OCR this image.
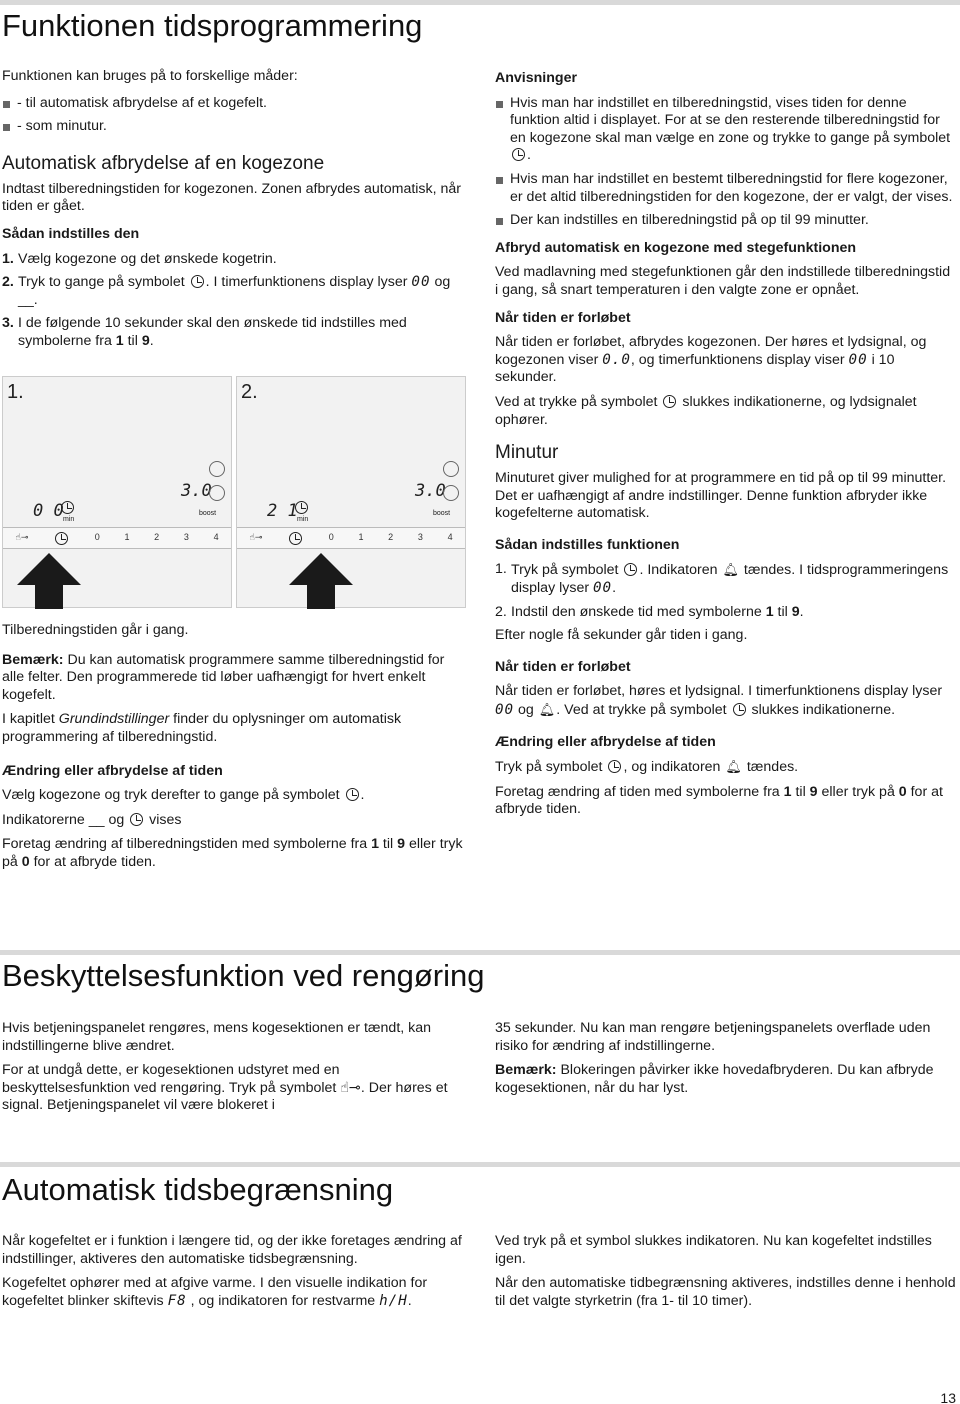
Funktionen tidsprogrammering

Funktionen kan bruges på to forskellige måder:

- til automatisk afbrydelse af et kogefelt.
- som minutur.
Automatisk afbrydelse af en kogezone

Indtast tilberedningstiden for kogezonen. Zonen afbrydes automatisk, når tiden er gået.

Sådan indstilles den
1. Vælg kogezone og det ønskede kogetrin.
2. Tryk to gange på symbolet . I timerfunktionens display lyser 00 og __.
3. I de følgende 10 sekunder skal den ønskede tid indstilles med symbolerne fra 1 til 9.
1.
3.0
0 0 min
boost
☝⊸	0	1	2	3	4
2.
3.0
2 1 min
boost
☝⊸	0	1	2	3	4

Tilberedningstiden går i gang.

Bemærk: Du kan automatisk programmere samme tilberedningstid for alle felter. Den programmerede tid løber uafhængigt for hvert enkelt kogefelt.

I kapitlet Grundindstillinger finder du oplysninger om automatisk programmering af tilberedningstid.

Ændring eller afbrydelse af tiden

Vælg kogezone og tryk derefter to gange på symbolet .

Indikatorerne __ og  vises

Foretag ændring af tilberedningstiden med symbolerne fra 1 til 9 eller tryk på 0 for at afbryde tiden.

Anvisninger
Hvis man har indstillet en tilberedningstid, vises tiden for denne funktion altid i displayet. For at se den resterende tilberedningstid for en kogezone skal man vælge en zone og trykke to gange på symbolet .
Hvis man har indstillet en bestemt tilberedningstid for flere kogezoner, er det altid tilberedningstiden for den kogezone, der er valgt, der vises.
Der kan indstilles en tilberedningstid på op til 99 minutter.
Afbryd automatisk en kogezone med stegefunktionen

Ved madlavning med stegefunktionen går den indstillede tilberedningstid i gang, så snart temperaturen i den valgte zone er opnået.

Når tiden er forløbet

Når tiden er forløbet, afbrydes kogezonen. Der høres et lydsignal, og kogezonen viser 0.0, og timerfunktionens display viser 00 i 10 sekunder.

Ved at trykke på symbolet  slukkes indikationerne, og lydsignalet ophører.

Minutur

Minuturet giver mulighed for at programmere en tid på op til 99 minutter. Det er uafhængigt af andre indstillinger. Denne funktion afbryder ikke kogefelterne automatisk.

Sådan indstilles funktionen
1. Tryk på symbolet . Indikatoren 🔔︎ tændes. I tidsprogrammeringens display lyser 00.
2. Indstil den ønskede tid med symbolerne 1 til 9.

Efter nogle få sekunder går tiden i gang.

Når tiden er forløbet

Når tiden er forløbet, høres et lydsignal. I timerfunktionens display lyser 00 og 🔔︎. Ved at trykke på symbolet  slukkes indikationerne.

Ændring eller afbrydelse af tiden

Tryk på symbolet , og indikatoren 🔔︎ tændes.

Foretag ændring af tiden med symbolerne fra 1 til 9 eller tryk på 0 for at afbryde tiden.

Beskyttelsesfunktion ved rengøring

Hvis betjeningspanelet rengøres, mens kogesektionen er tændt, kan indstillingerne blive ændret.

For at undgå dette, er kogesektionen udstyret med en beskyttelsesfunktion ved rengøring. Tryk på symbolet ☝⊸. Der høres et signal. Betjeningspanelet vil være blokeret i

35 sekunder. Nu kan man rengøre betjeningspanelets overflade uden risiko for ændring af indstillingerne.

Bemærk: Blokeringen påvirker ikke hovedafbryderen. Du kan afbryde kogesektionen, når du har lyst.

Automatisk tidsbegrænsning

Når kogefeltet er i funktion i længere tid, og der ikke foretages ændring af indstillinger, aktiveres den automatiske tidsbegrænsning.

Kogefeltet ophører med at afgive varme. I den visuelle indikation for kogefeltet blinker skiftevis F8 , og indikatoren for restvarme h/H.

Ved tryk på et symbol slukkes indikatoren. Nu kan kogefeltet indstilles igen.

Når den automatiske tidbegrænsning aktiveres, indstilles denne i henhold til det valgte styrketrin (fra 1- til 10 timer).

13
